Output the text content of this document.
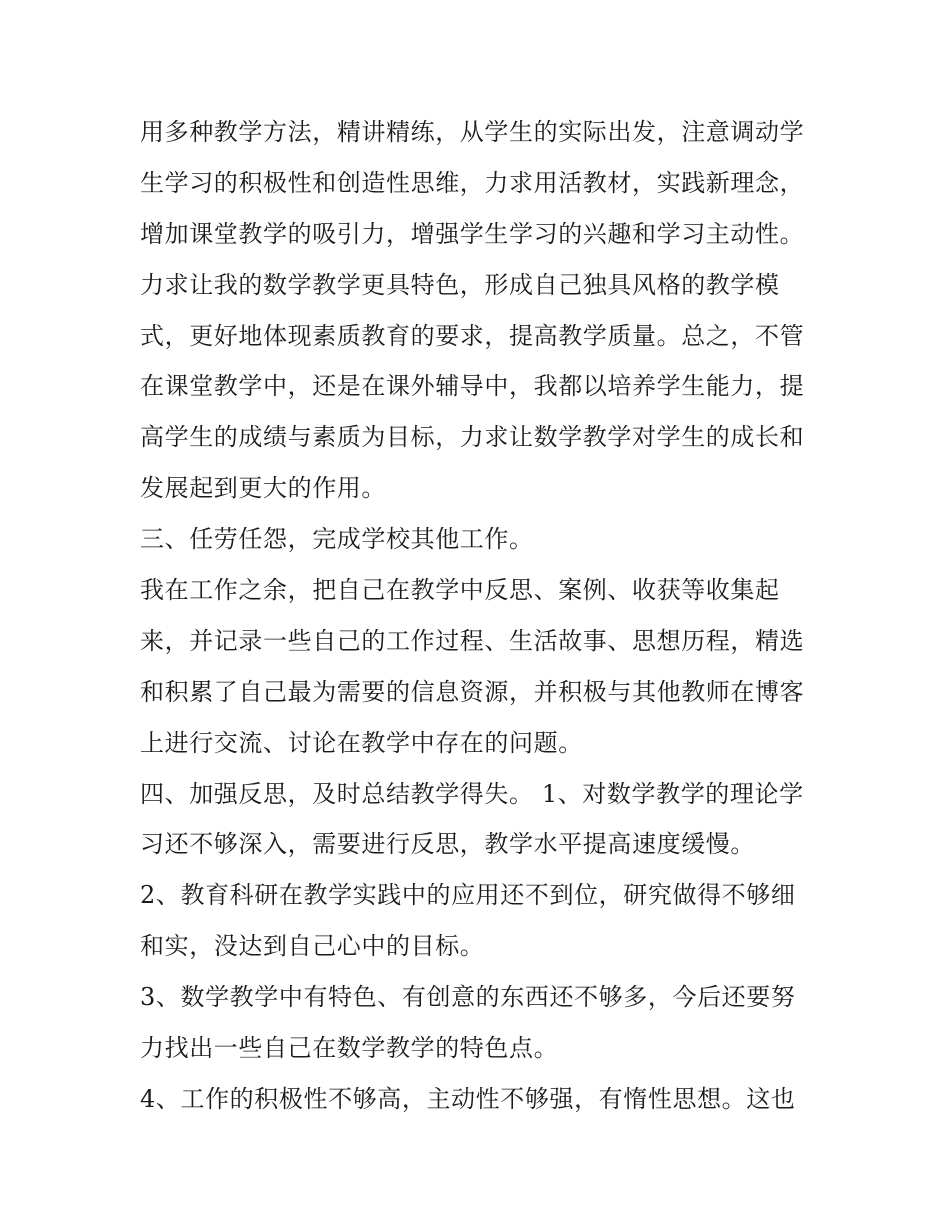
用多种教学方法，精讲精练，从学生的实际出发，注意调动学
生学习的积极性和创造性思维，力求用活教材，实践新理念，
增加课堂教学的吸引力，增强学生学习的兴趣和学习主动性。
力求让我的数学教学更具特色，形成自己独具风格的教学模
式，更好地体现素质教育的要求，提高教学质量。总之，不管
在课堂教学中，还是在课外辅导中，我都以培养学生能力，提
高学生的成绩与素质为目标，力求让数学教学对学生的成长和
发展起到更大的作用。
三、任劳任怨，完成学校其他工作。
我在工作之余，把自己在教学中反思、案例、收获等收集起
来，并记录一些自己的工作过程、生活故事、思想历程，精选
和积累了自己最为需要的信息资源，并积极与其他教师在博客
上进行交流、讨论在教学中存在的问题。
四、加强反思，及时总结教学得失。 1、对数学教学的理论学
习还不够深入，需要进行反思，教学水平提高速度缓慢。
2、教育科研在教学实践中的应用还不到位，研究做得不够细
和实，没达到自己心中的目标。
3、数学教学中有特色、有创意的东西还不够多，今后还要努
力找出一些自己在数学教学的特色点。
4、工作的积极性不够高，主动性不够强，有惰性思想。这也
